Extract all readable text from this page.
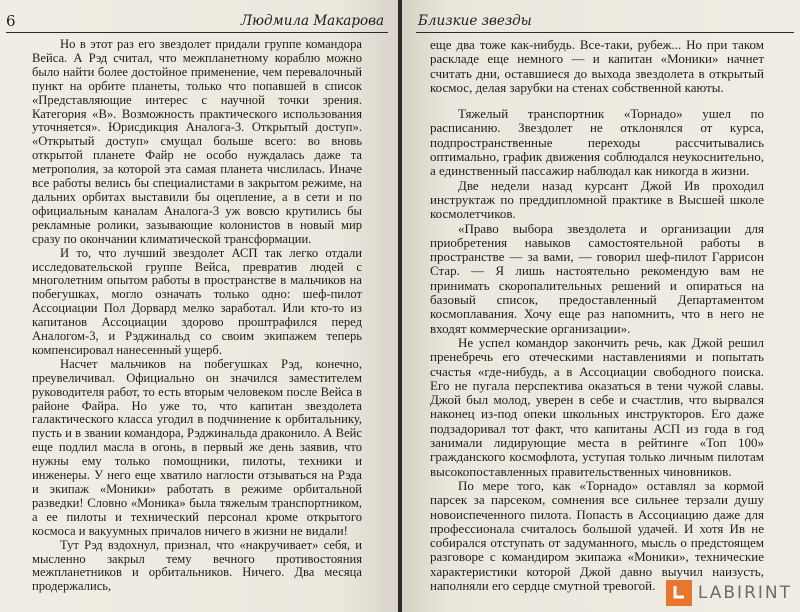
6	Людмила Макарова

Но в этот раз его звездолет придали группе командора Вейса. А Рэд считал, что межпланетному кораблю можно было найти более достойное применение, чем перевалочный пункт на орбите планеты, только что попавшей в список «Представляющие интерес с научной точки зрения. Категория «В». Возможность практического использования уточняется». Юрисдикция Аналога-3. Открытый доступ». «Открытый доступ» смущал больше всего: во вновь открытой планете Файр не особо нуждалась даже та метрополия, за которой эта самая планета числилась. Иначе все работы велись бы специалистами в закрытом режиме, на дальних орбитах выставили бы оцепление, а в сети и по официальным каналам Аналога-3 уж вовсю крутились бы рекламные ролики, зазывающие колонистов в новый мир сразу по окончании климатической трансформации.

И то, что лучший звездолет АСП так легко отдали исследовательской группе Вейса, превратив людей с многолетним опытом работы в пространстве в мальчиков на побегушках, могло означать только одно: шеф-пилот Ассоциации Пол Дорвард мелко заработал. Или кто-то из капитанов Ассоциации здорово проштрафился перед Аналогом-3, и Рэджинальд со своим экипажем теперь компенсировал нанесенный ущерб.

Насчет мальчиков на побегушках Рэд, конечно, преувеличивал. Официально он значился заместителем руководителя работ, то есть вторым человеком после Вейса в районе Файра. Но уже то, что капитан звездолета галактического класса угодил в подчинение к орбитальнику, пусть и в звании командора, Рэджинальда дрaконило. А Вейс еще подлил масла в огонь, в первый же день заявив, что нужны ему только помощники, пилоты, техники и инженеры. У него еще хватило наглости отзываться на Рэда и экипаж «Моники» работать в режиме орбитальной разведки! Словно «Моника» была тяжелым транспортником, а ее пилоты и технический персонал кроме открытого космоса и вакуумных причалов ничего в жизни не видали!

Тут Рэд вздохнул, признал, что «накручивает» себя, и мысленно закрыл тему вечного противостояния межпланетников и орбитальников. Ничего. Два месяца продержались,

Близкие звезды

еще два тоже как-нибудь. Все-таки, рубеж... Но при таком раскладе еще немного — и капитан «Моники» начнет считать дни, оставшиеся до выхода звездолета в открытый космос, делая зарубки на стенах собственной каюты.

Тяжелый транспортник «Торнадо» ушел по расписанию. Звездолет не отклонялся от курса, подпространственные переходы рассчитывались оптимально, график движения соблюдался неукоснительно, а единственный пассажир наблюдал как никогда в жизни.

Две недели назад курсант Джой Ив проходил инструктаж по преддипломной практике в Высшей школе космолетчиков.

«Право выбора звездолета и организации для приобретения навыков самостоятельной работы в пространстве — за вами, — говорил шеф-пилот Гаррисон Стар. — Я лишь настоятельно рекомендую вам не принимать скоропалительных решений и опираться на базовый список, предоставленный Департаментом космоплавания. Хочу еще раз напомнить, что в него не входят коммерческие организации».

Не успел командор закончить речь, как Джой решил пренебречь его отеческими наставлениями и попытать счастья «где-нибудь, а в Ассоциации свободного поиска. Его не пугала перспектива оказаться в тени чужой славы. Джой был молод, уверен в себе и счастлив, что вырвался наконец из-под опеки школьных инструкторов. Его даже подзадоривал тот факт, что капитаны АСП из года в год занимали лидирующие места в рейтинге «Топ 100» гражданского космофлота, уступая только личным пилотам высокопоставленных правительственных чиновников.

По мере того, как «Торнадо» оставлял за кормой парсек за парсеком, сомнения все сильнее терзали душу новоиспеченного пилота. Попасть в Ассоциацию даже для профессионала считалось большой удачей. И хотя Ив не собирался отступать от задуманного, мысль о предстоящем разговоре с командиром экипажа «Моники», технические характеристики которой Джой давно выучил наизусть, наполняли его сердце смутной тревогой.	LABIRINT
